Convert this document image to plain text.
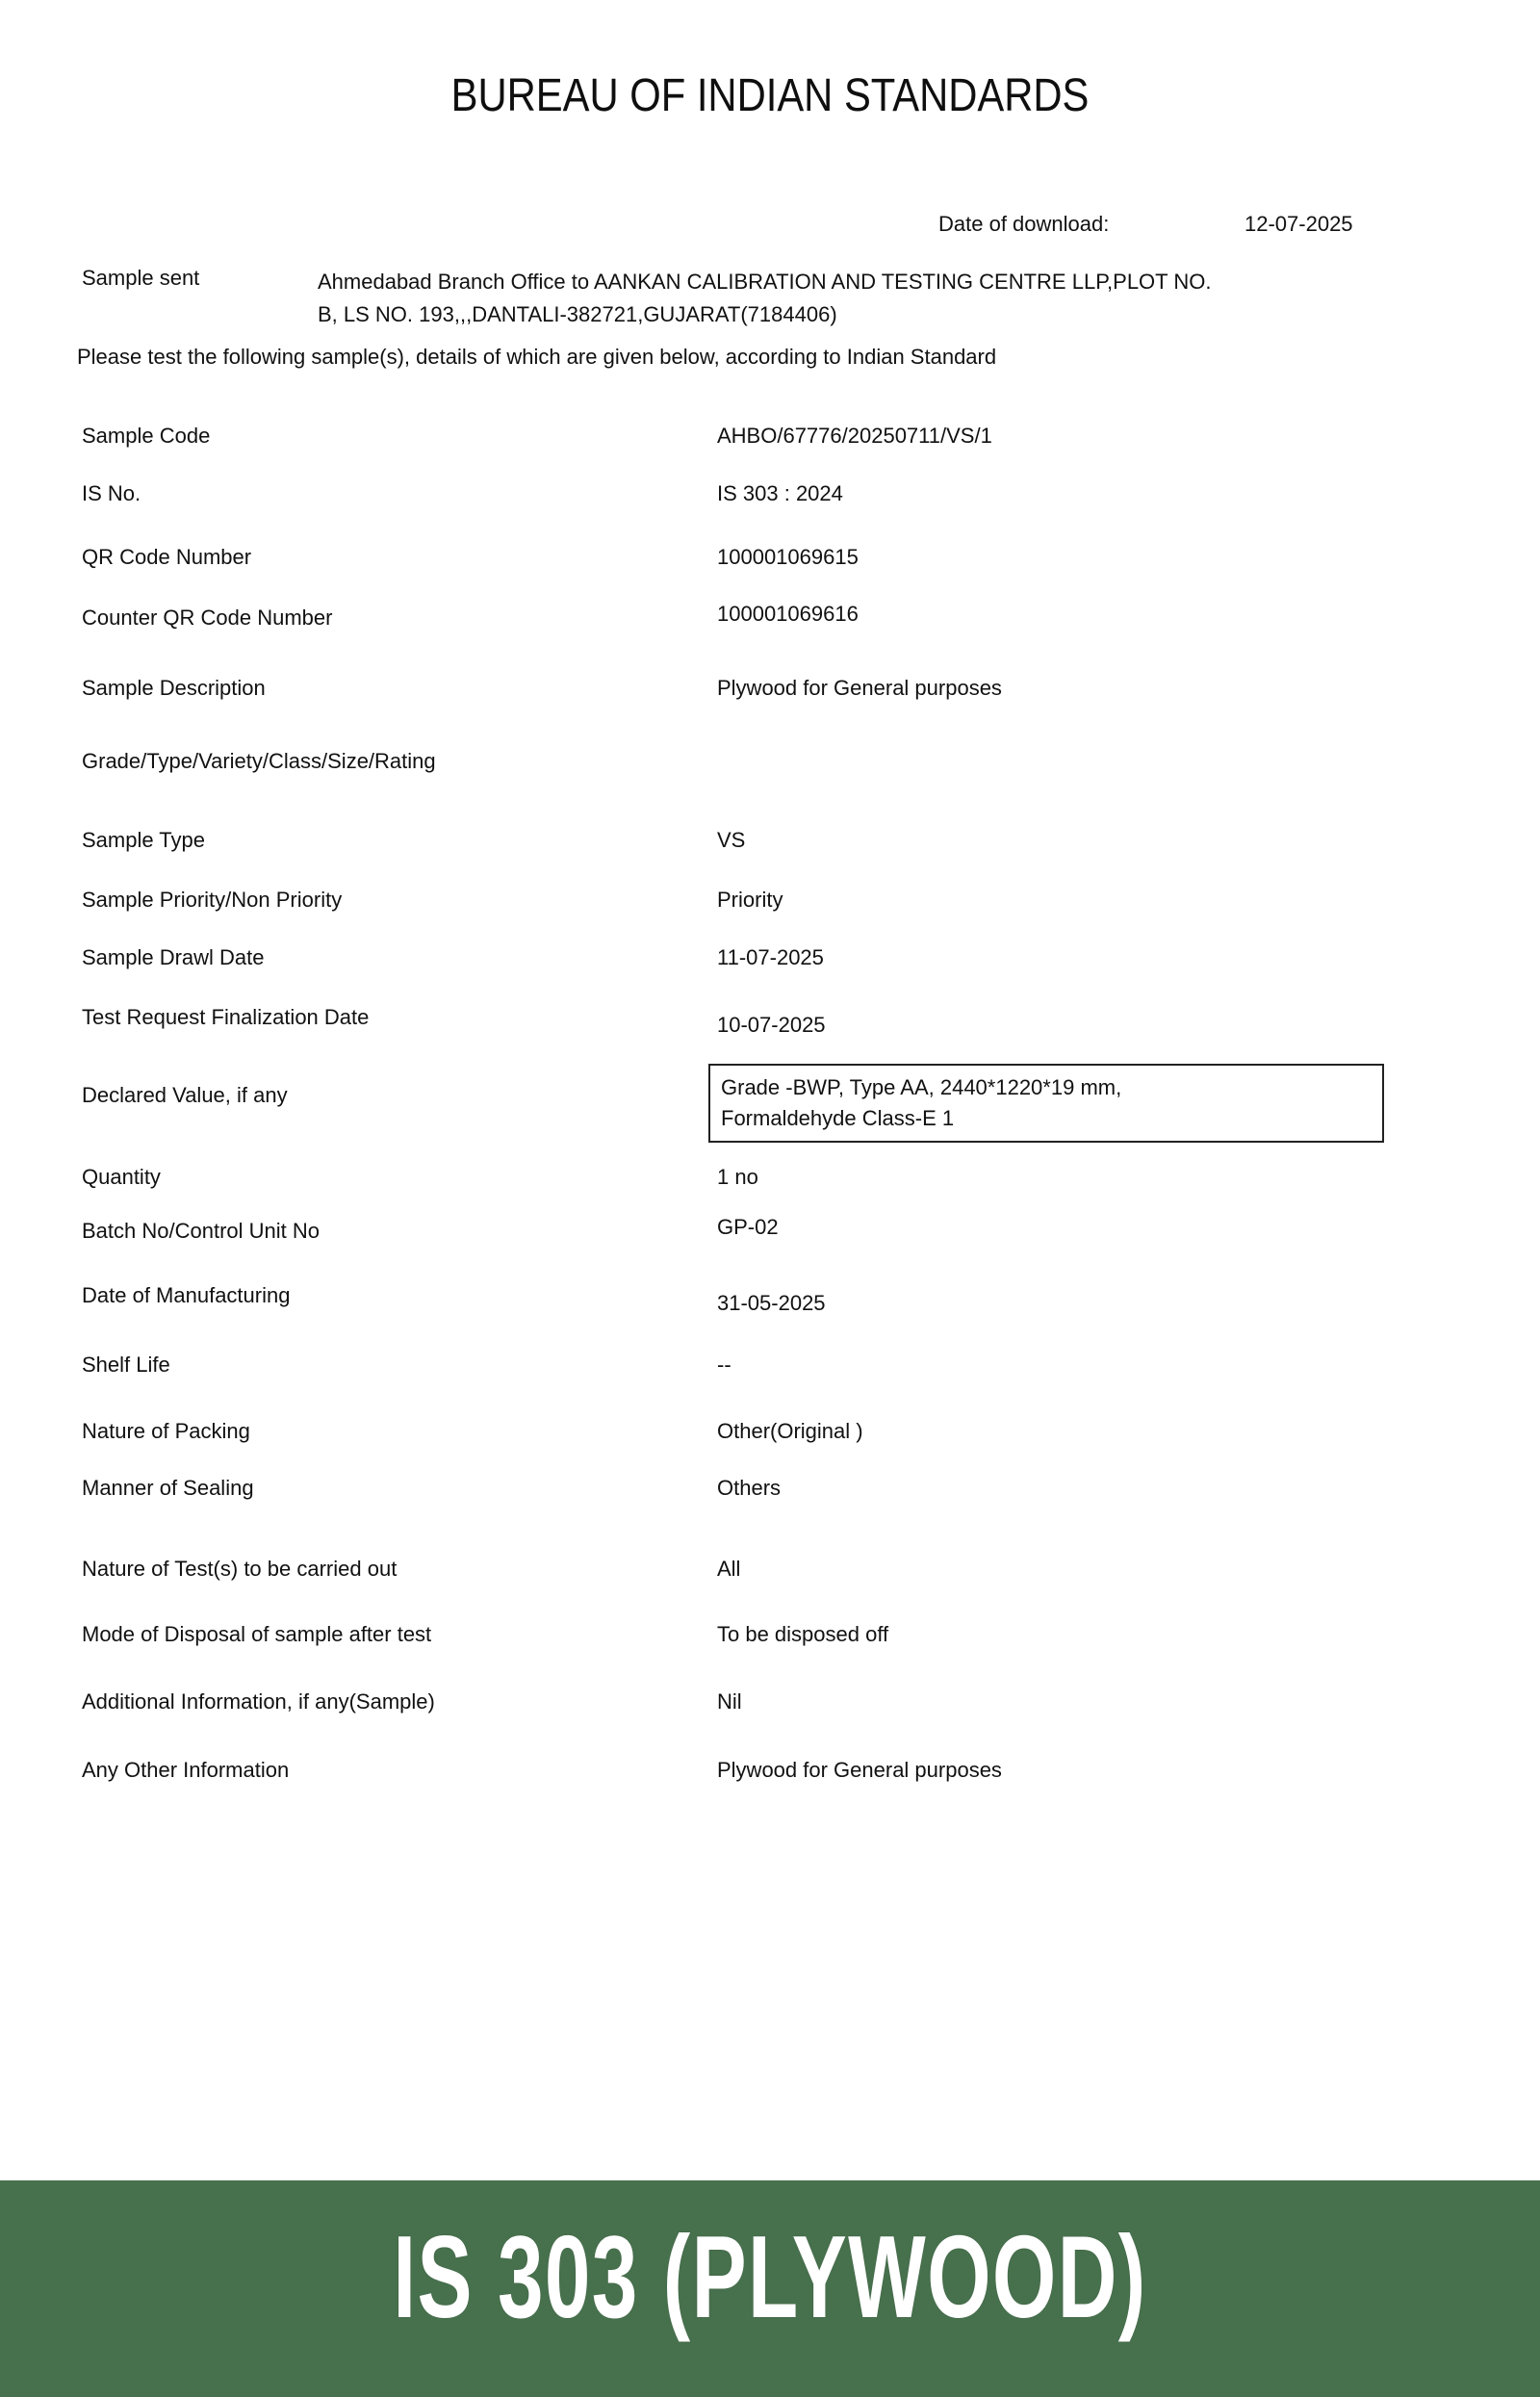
BUREAU OF INDIAN STANDARDS
Date of download:	12-07-2025
Sample sent	Ahmedabad Branch Office to AANKAN CALIBRATION AND TESTING CENTRE LLP,PLOT NO.
B, LS NO. 193,,,DANTALI-382721,GUJARAT(7184406)
Please test the following sample(s), details of which are given below, according to Indian Standard
Sample Code	AHBO/67776/20250711/VS/1
IS No.	IS 303 : 2024
QR Code Number	100001069615
Counter QR Code Number	100001069616
Sample Description	Plywood for General purposes
Grade/Type/Variety/Class/Size/Rating
Sample Type	VS
Sample Priority/Non Priority	Priority
Sample Drawl Date	11-07-2025
Test Request Finalization Date	10-07-2025
Declared Value, if any	Grade -BWP, Type AA, 2440*1220*19 mm,
Formaldehyde Class-E 1
Quantity	1 no
Batch No/Control Unit No	GP-02
Date of Manufacturing	31-05-2025
Shelf Life	--
Nature of Packing	Other(Original )
Manner of Sealing	Others
Nature of Test(s) to be carried out	All
Mode of Disposal of sample after test	To be disposed off
Additional Information, if any(Sample)	Nil
Any Other Information	Plywood for General purposes
IS 303 (PLYWOOD)
